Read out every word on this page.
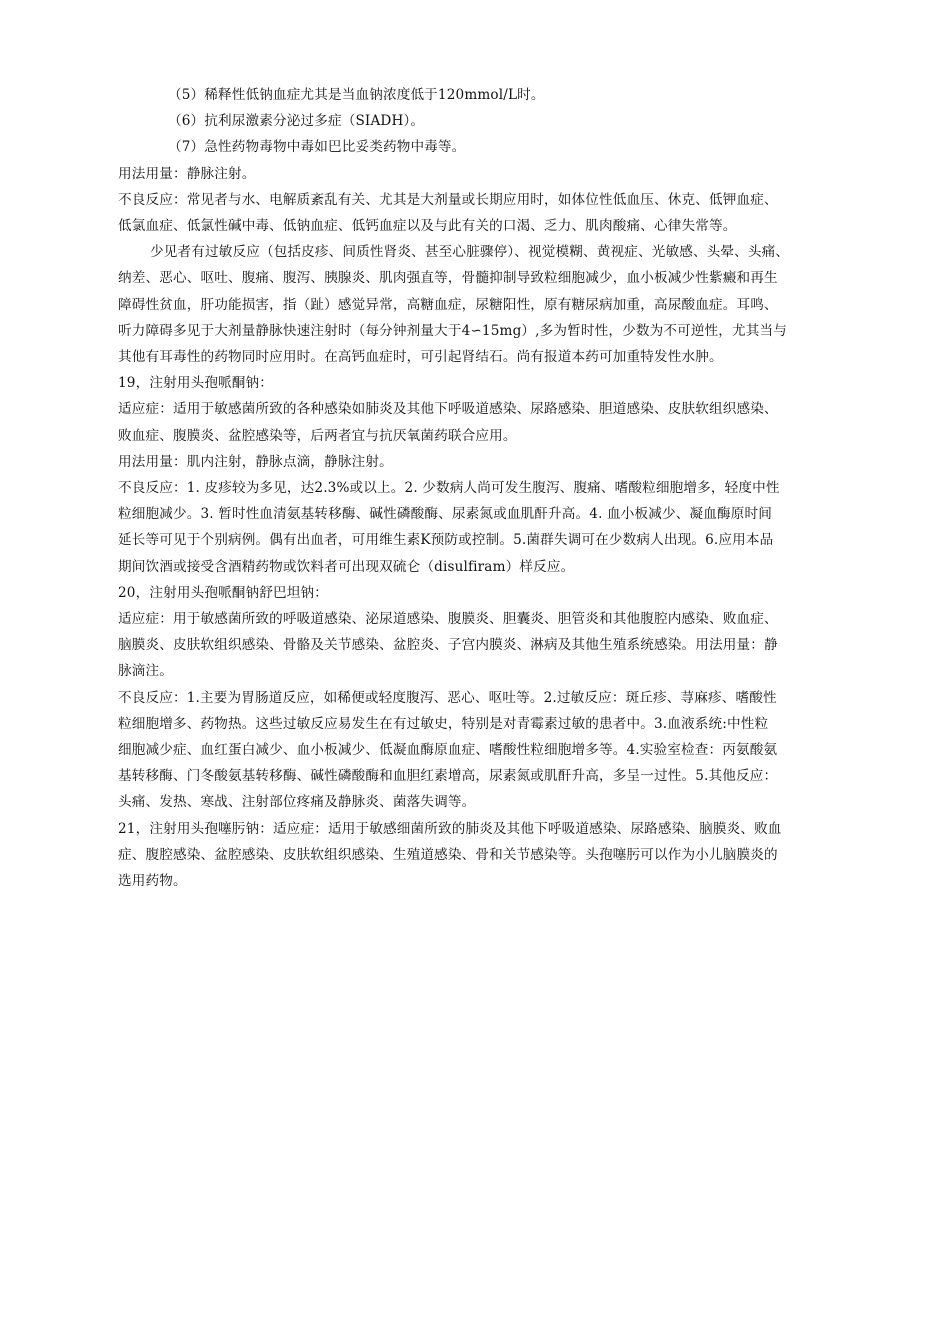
（5）稀释性低钠血症尤其是当血钠浓度低于120mmol/L时。
（6）抗利尿激素分泌过多症（SIADH）。
（7）急性药物毒物中毒如巴比妥类药物中毒等。
用法用量：静脉注射。
不良反应：常见者与水、电解质紊乱有关、尤其是大剂量或长期应用时，如体位性低血压、休克、低钾血症、
低氯血症、低氯性碱中毒、低钠血症、低钙血症以及与此有关的口渴、乏力、肌肉酸痛、心律失常等。
少见者有过敏反应（包括皮疹、间质性肾炎、甚至心脏骤停）、视觉模糊、黄视症、光敏感、头晕、头痛、
纳差、恶心、呕吐、腹痛、腹泻、胰腺炎、肌肉强直等，骨髓抑制导致粒细胞减少，血小板减少性紫癜和再生
障碍性贫血，肝功能损害，指（趾）感觉异常，高糖血症，尿糖阳性，原有糖尿病加重，高尿酸血症。耳鸣、
听力障碍多见于大剂量静脉快速注射时（每分钟剂量大于4∽15mg）,多为暂时性，少数为不可逆性，尤其当与
其他有耳毒性的药物同时应用时。在高钙血症时，可引起肾结石。尚有报道本药可加重特发性水肿。
19，注射用头孢哌酮钠：
适应症：适用于敏感菌所致的各种感染如肺炎及其他下呼吸道感染、尿路感染、胆道感染、皮肤软组织感染、
败血症、腹膜炎、盆腔感染等，后两者宜与抗厌氧菌药联合应用。
用法用量：肌内注射，静脉点滴，静脉注射。
不良反应：1. 皮疹较为多见，达2.3%或以上。2. 少数病人尚可发生腹泻、腹痛、嗜酸粒细胞增多，轻度中性
粒细胞减少。3. 暂时性血清氨基转移酶、碱性磷酸酶、尿素氮或血肌酐升高。4. 血小板减少、凝血酶原时间
延长等可见于个别病例。偶有出血者，可用维生素K预防或控制。5.菌群失调可在少数病人出现。6.应用本品
期间饮酒或接受含酒精药物或饮料者可出现双硫仑（disulfiram）样反应。
20，注射用头孢哌酮钠舒巴坦钠：
适应症：用于敏感菌所致的呼吸道感染、泌尿道感染、腹膜炎、胆囊炎、胆管炎和其他腹腔内感染、败血症、
脑膜炎、皮肤软组织感染、骨骼及关节感染、盆腔炎、子宫内膜炎、淋病及其他生殖系统感染。用法用量：静
脉滴注。
不良反应：1.主要为胃肠道反应，如稀便或轻度腹泻、恶心、呕吐等。2.过敏反应：斑丘疹、荨麻疹、嗜酸性
粒细胞增多、药物热。这些过敏反应易发生在有过敏史，特别是对青霉素过敏的患者中。3.血液系统:中性粒
细胞减少症、血红蛋白减少、血小板减少、低凝血酶原血症、嗜酸性粒细胞增多等。4.实验室检查：丙氨酸氨
基转移酶、门冬酸氨基转移酶、碱性磷酸酶和血胆红素增高，尿素氮或肌酐升高，多呈一过性。5.其他反应：
头痛、发热、寒战、注射部位疼痛及静脉炎、菌落失调等。
21，注射用头孢噻肟钠：适应症：适用于敏感细菌所致的肺炎及其他下呼吸道感染、尿路感染、脑膜炎、败血
症、腹腔感染、盆腔感染、皮肤软组织感染、生殖道感染、骨和关节感染等。头孢噻肟可以作为小儿脑膜炎的
选用药物。
